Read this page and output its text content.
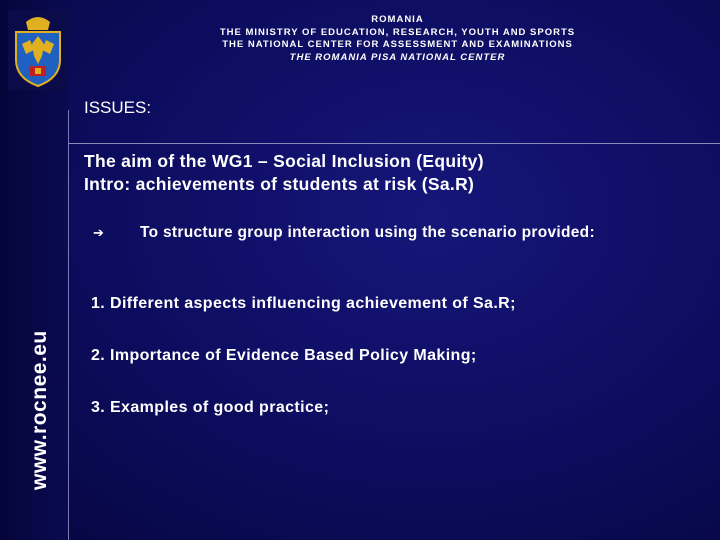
ROMANIA
THE MINISTRY OF EDUCATION, RESEARCH, YOUTH AND SPORTS
THE NATIONAL CENTER FOR ASSESSMENT AND EXAMINATIONS
THE ROMANIA PISA NATIONAL CENTER
ISSUES:
The aim of the WG1 – Social Inclusion (Equity)
Intro: achievements of students at risk (Sa.R)
➔ To structure group interaction using the scenario provided:
1. Different aspects influencing achievement of Sa.R;
2. Importance of Evidence Based Policy Making;
3. Examples of good practice;
www.rocnee.eu
